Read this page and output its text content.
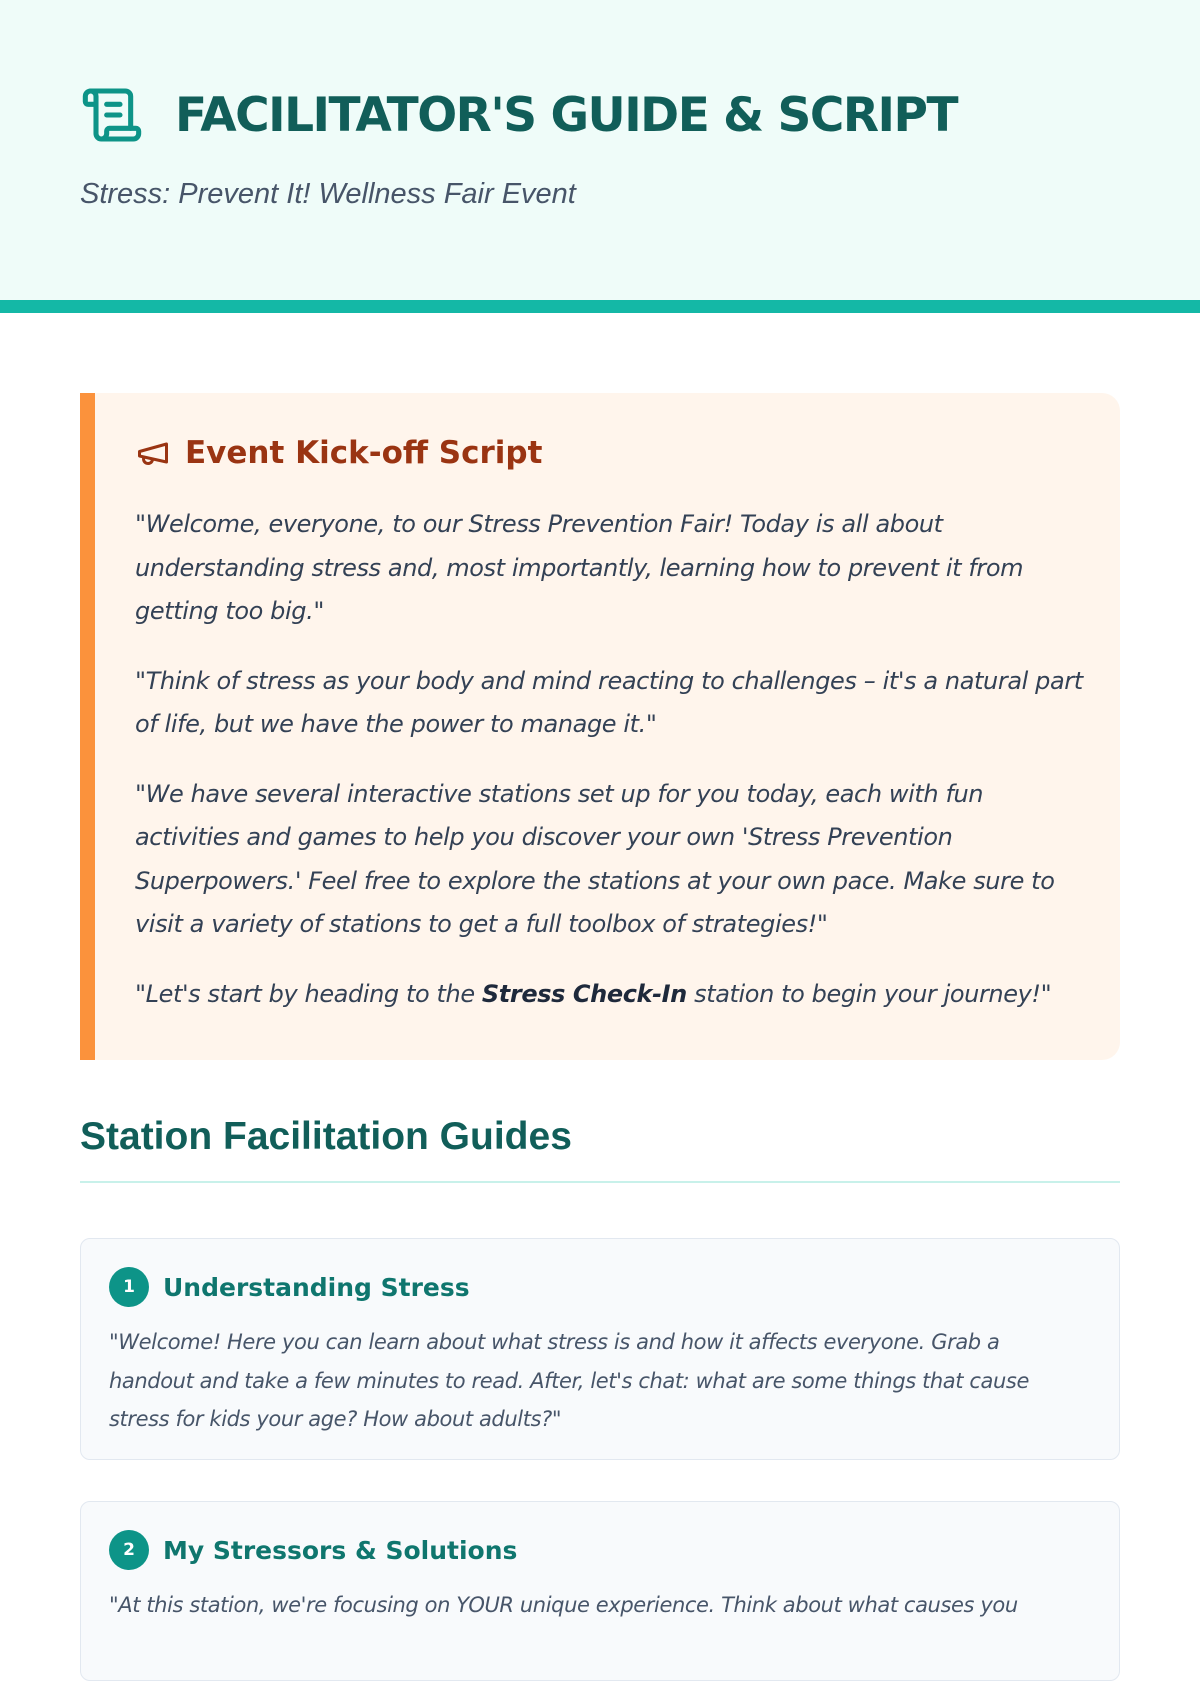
FACILITATOR'S GUIDE & SCRIPT

Stress: Prevent It! Wellness Fair Event

Event Kick-off Script

"Welcome, everyone, to our Stress Prevention Fair! Today is all about understanding stress and, most importantly, learning how to prevent it from getting too big."

"Think of stress as your body and mind reacting to challenges – it's a natural part of life, but we have the power to manage it."

"We have several interactive stations set up for you today, each with fun activities and games to help you discover your own 'Stress Prevention Superpowers.' Feel free to explore the stations at your own pace. Make sure to visit a variety of stations to get a full toolbox of strategies!"

"Let's start by heading to the Stress Check-In station to begin your journey!"

Station Facilitation Guides
1	Understanding Stress

"Welcome! Here you can learn about what stress is and how it affects everyone. Grab a handout and take a few minutes to read. After, let's chat: what are some things that cause stress for kids your age? How about adults?"

2	My Stressors & Solutions

"At this station, we're focusing on YOUR unique experience. Think about what causes you
